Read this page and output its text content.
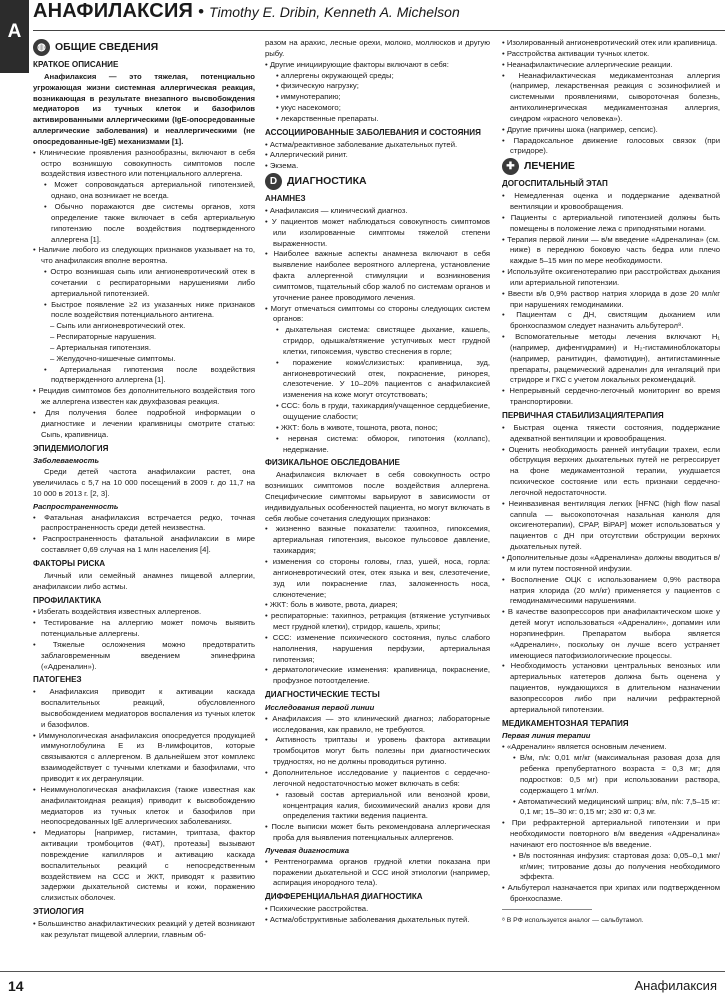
А
АНАФИЛАКСИЯ • Timothy E. Dribin, Kenneth A. Michelson
◍ ОБЩИЕ СВЕДЕНИЯ
КРАТКОЕ ОПИСАНИЕ

Анафилаксия — это тяжелая, потенциально угрожающая жизни системная аллергическая реакция, возникающая в результате внезапного высвобождения медиаторов из тучных клеток и базофилов активированными аллергическими (IgE-опосредованные аллергические заболевания) и неаллергическими (не опосредованные-IgE) механизмами [1].

• Клинические проявления разнообразны, включают в себя остро возникшую совокупность симптомов после воздействия известного или потенциального аллергена.

• Может сопровождаться артериальной гипотензией, однако, она возникает не всегда.

• Обычно поражаются две системы органов, хотя определение также включает в себя артериальную гипотензию после воздействия подтвержденного аллергена [1].

• Наличие любого из следующих признаков указывает на то, что анафилаксия вполне вероятна.

• Остро возникшая сыпь или ангионевротический отек в сочетании с респираторными нарушениями либо артериальной гипотензией.

• Быстрое появление ≥2 из указанных ниже признаков после воздействия потенциального антигена.

– Сыпь или ангионевротический отек.

– Респираторные нарушения.

– Артериальная гипотензия.

– Желудочно-кишечные симптомы.

• Артериальная гипотензия после воздействия подтвержденного аллергена [1].

• Рецидив симптомов без дополнительного воздействия того же аллергена известен как двухфазовая реакция.

• Для получения более подробной информации о диагностике и лечении крапивницы смотрите статью: Сыпь, крапивница.

ЭПИДЕМИОЛОГИЯ
Заболеваемость

Среди детей частота анафилаксии растет, она увеличилась с 5,7 на 10 000 посещений в 2009 г. до 11,7 на 10 000 в 2013 г. [2, 3].

Распространенность

• Фатальная анафилаксия встречается редко, точная распространенность среди детей неизвестна.

• Распространенность фатальной анафилаксии в мире составляет 0,69 случая на 1 млн населения [4].

ФАКТОРЫ РИСКА

Личный или семейный анамнез пищевой аллергии, анафилаксии либо астмы.

ПРОФИЛАКТИКА

• Избегать воздействия известных аллергенов.

• Тестирование на аллергию может помочь выявить потенциальные аллергены.

• Тяжелые осложнения можно предотвратить заблаговременным введением эпинефрина («Адреналин»).

ПАТОГЕНЕЗ

• Анафилаксия приводит к активации каскада воспалительных реакций, обусловленного высвобождением медиаторов воспаления из тучных клеток и базофилов.

• Иммунологическая анафилаксия опосредуется продукцией иммуноглобулина Е из В-лимфоцитов, которые связываются с аллергеном. В дальнейшем этот комплекс взаимодействует с тучными клетками и базофилами, что приводит к их дегрануляции.

• Неиммунологическая анафилаксия (также известная как анафилактоидная реакция) приводит к высвобождению медиаторов из тучных клеток и базофилов при неопосредованных IgE аллергических заболеваниях.

• Медиаторы [например, гистамин, триптаза, фактор активации тромбоцитов (ФАТ), протеазы] вызывают повреждение капилляров и активацию каскада воспалительных реакций с непосредственным воздействием на ССС и ЖКТ, приводят к развитию задержки дыхательной системы и кожи, поражению слизистых оболочек.

ЭТИОЛОГИЯ

• Большинство анафилактических реакций у детей возникают как результат пищевой аллергии, главным об-

разом на арахис, лесные орехи, молоко, моллюсков и другую рыбу.

• Другие инициирующие факторы включают в себя:

• аллергены окружающей среды;

• физическую нагрузку;

• иммунотерапию;

• укус насекомого;

• лекарственные препараты.

АССОЦИИРОВАННЫЕ ЗАБОЛЕВАНИЯ И СОСТОЯНИЯ

• Астма/реактивное заболевание дыхательных путей.

• Аллергический ринит.

• Экзема.

D ДИАГНОСТИКА
АНАМНЕЗ

• Анафилаксия — клинический диагноз.

• У пациентов может наблюдаться совокупность симптомов или изолированные симптомы тяжелой степени выраженности.

• Наиболее важные аспекты анамнеза включают в себя выявление наиболее вероятного аллергена, установление факта аллергенной стимуляции и возникновения симптомов, тщательный сбор жалоб по системам органов и уточнение ранее проводимого лечения.

• Могут отмечаться симптомы со стороны следующих систем органов:

• дыхательная система: свистящее дыхание, кашель, стридор, одышка/втяжение уступчивых мест грудной клетки, гипоксемия, чувство стеснения в горле;

• поражение кожи/слизистых: крапивница, зуд, ангионевротический отек, покраснение, ринорея, слезотечение. У 10–20% пациентов с анафилаксией изменения на коже могут отсутствовать;

• ССС: боль в груди, тахикардия/учащенное сердцебиение, ощущение слабости;

• ЖКТ: боль в животе, тошнота, рвота, понос;

• нервная система: обморок, гипотония (коллапс), недержание.

ФИЗИКАЛЬНОЕ ОБСЛЕДОВАНИЕ

Анафилаксия включает в себя совокупность остро возникших симптомов после воздействия аллергена. Специфические симптомы варьируют в зависимости от индивидуальных особенностей пациента, но могут включать в себя любые сочетания следующих признаков:

• жизненно важные показатели: тахипноэ, гипоксемия, артериальная гипотензия, высокое пульсовое давление, тахикардия;

• изменения со стороны головы, глаз, ушей, носа, горла: ангионевротический отек, отек языка и век, слезотечение, зуд или покраснение глаз, заложенность носа, слюнотечение;

• ЖКТ: боль в животе, рвота, диарея;

• респираторные: тахипноэ, ретракция (втяжение уступчивых мест грудной клетки), стридор, кашель, хрипы;

• ССС: изменение психического состояния, пульс слабого наполнения, нарушения перфузии, артериальная гипотензия;

• дерматологические изменения: крапивница, покраснение, профузное потоотделение.

ДИАГНОСТИЧЕСКИЕ ТЕСТЫ
Исследования первой линии

• Анафилаксия — это клинический диагноз; лабораторные исследования, как правило, не требуются.

• Активность триптазы и уровень фактора активации тромбоцитов могут быть полезны при диагностических трудностях, но не должны проводиться рутинно.

• Дополнительное исследование у пациентов с сердечно-легочной недостаточностью может включать в себя:

• газовый состав артериальной или венозной крови, концентрация калия, биохимический анализ крови для определения тактики ведения пациента.

• После выписки может быть рекомендована аллергическая проба для выявления потенциальных аллергенов.

Лучевая диагностика

• Рентгенограмма органов грудной клетки показана при поражении дыхательной и ССС иной этиологии (например, аспирация инородного тела).

ДИФФЕРЕНЦИАЛЬНАЯ ДИАГНОСТИКА

• Психические расстройства.

• Астма/обструктивные заболевания дыхательных путей.

• Изолированный ангионевротический отек или крапивница.

• Расстройства активации тучных клеток.

• Неанафилактические аллергические реакции.

• Неанафилактическая медикаментозная аллергия (например, лекарственная реакция с эозинофилией и системными проявлениями, сывороточная болезнь, антихолинергическая медикаментозная аллергия, синдром «красного человека»).

• Другие причины шока (например, сепсис).

• Парадоксальное движение голосовых связок (при стридоре).

✚ ЛЕЧЕНИЕ
ДОГОСПИТАЛЬНЫЙ ЭТАП

• Немедленная оценка и поддержание адекватной вентиляции и кровообращения.

• Пациенты с артериальной гипотензией должны быть помещены в положение лежа с приподнятыми ногами.

• Терапия первой линии — в/м введение «Адреналина» (см. ниже) в переднюю боковую часть бедра или плечо каждые 5–15 мин по мере необходимости.

• Используйте оксигенотерапию при расстройствах дыхания или артериальной гипотензии.

• Ввести в/в 0,9% раствор натрия хлорида в дозе 20 мл/кг при нарушениях гемодинамики.

• Пациентам с ДН, свистящим дыханием или бронхоспазмом следует назначить альбутерол⁸.

• Вспомогательные методы лечения включают H₁ (например, дифенгидрамин) и H₂-гистаминоблокаторы (например, ранитидин, фамотидин), антигистаминные препараты, рацемический адреналин для ингаляций при стридоре и ГКС с учетом локальных рекомендаций.

• Непрерывный сердечно-легочный мониторинг во время транспортировки.

ПЕРВИЧНАЯ СТАБИЛИЗАЦИЯ/ТЕРАПИЯ

• Быстрая оценка тяжести состояния, поддержание адекватной вентиляции и кровообращения.

• Оценить необходимость ранней интубации трахеи, если обструкция верхних дыхательных путей не регрессирует на фоне медикаментозной терапии, укудшается психическое состояние или есть признаки сердечно-легочной недостаточности.

• Неинвазивная вентиляция легких [HFNC (high flow nasal cannula — высокопоточная назальная канюля для оксигенотерапии), СРАР, BiPAP] может использоваться у пациентов с ДН при отсутствии обструкции верхних дыхательных путей.

• Дополнительные дозы «Адреналина» должны вводиться в/м или путем постоянной инфузии.

• Восполнение ОЦК с использованием 0,9% раствора натрия хлорида (20 мл/кг) применяется у пациентов с гемодинамическими нарушениями.

• В качестве вазопрессоров при анафилактическом шоке у детей могут использоваться «Адреналин», допамин или норэпинефрин. Препаратом выбора является «Адреналин», поскольку он лучше всего устраняет имеющиеся патофизиологические процессы.

• Необходимость установки центральных венозных или артериальных катетеров должна быть оценена у пациентов, нуждающихся в длительном назначении вазопрессоров либо при наличии рефрактерной артериальной гипотензии.

МЕДИКАМЕНТОЗНАЯ ТЕРАПИЯ
Первая линия терапии

• «Адреналин» является основным лечением.

• В/м, п/к: 0,01 мг/кг (максимальная разовая доза для ребенка препубертатного возраста = 0,3 мг; для подростков: 0,5 мг) при использовании раствора, содержащего 1 мг/мл.

• Автоматический медицинский шприц: в/м, п/к: 7,5–15 кг: 0,1 мг; 15–30 кг: 0,15 мг; ≥30 кг: 0,3 мг.

• При рефрактерной артериальной гипотензии и при необходимости повторного в/м введения «Адреналина» начинают его постоянное в/в введение.

• В/в постоянная инфузия: стартовая доза: 0,05–0,1 мкг/кг/мин; титрование дозы до получения необходимого эффекта.

• Альбутерол назначается при хрипах или подтвержденном бронхоспазме.

⁸ В РФ используется аналог — сальбутамол.

14	Анафилаксия
